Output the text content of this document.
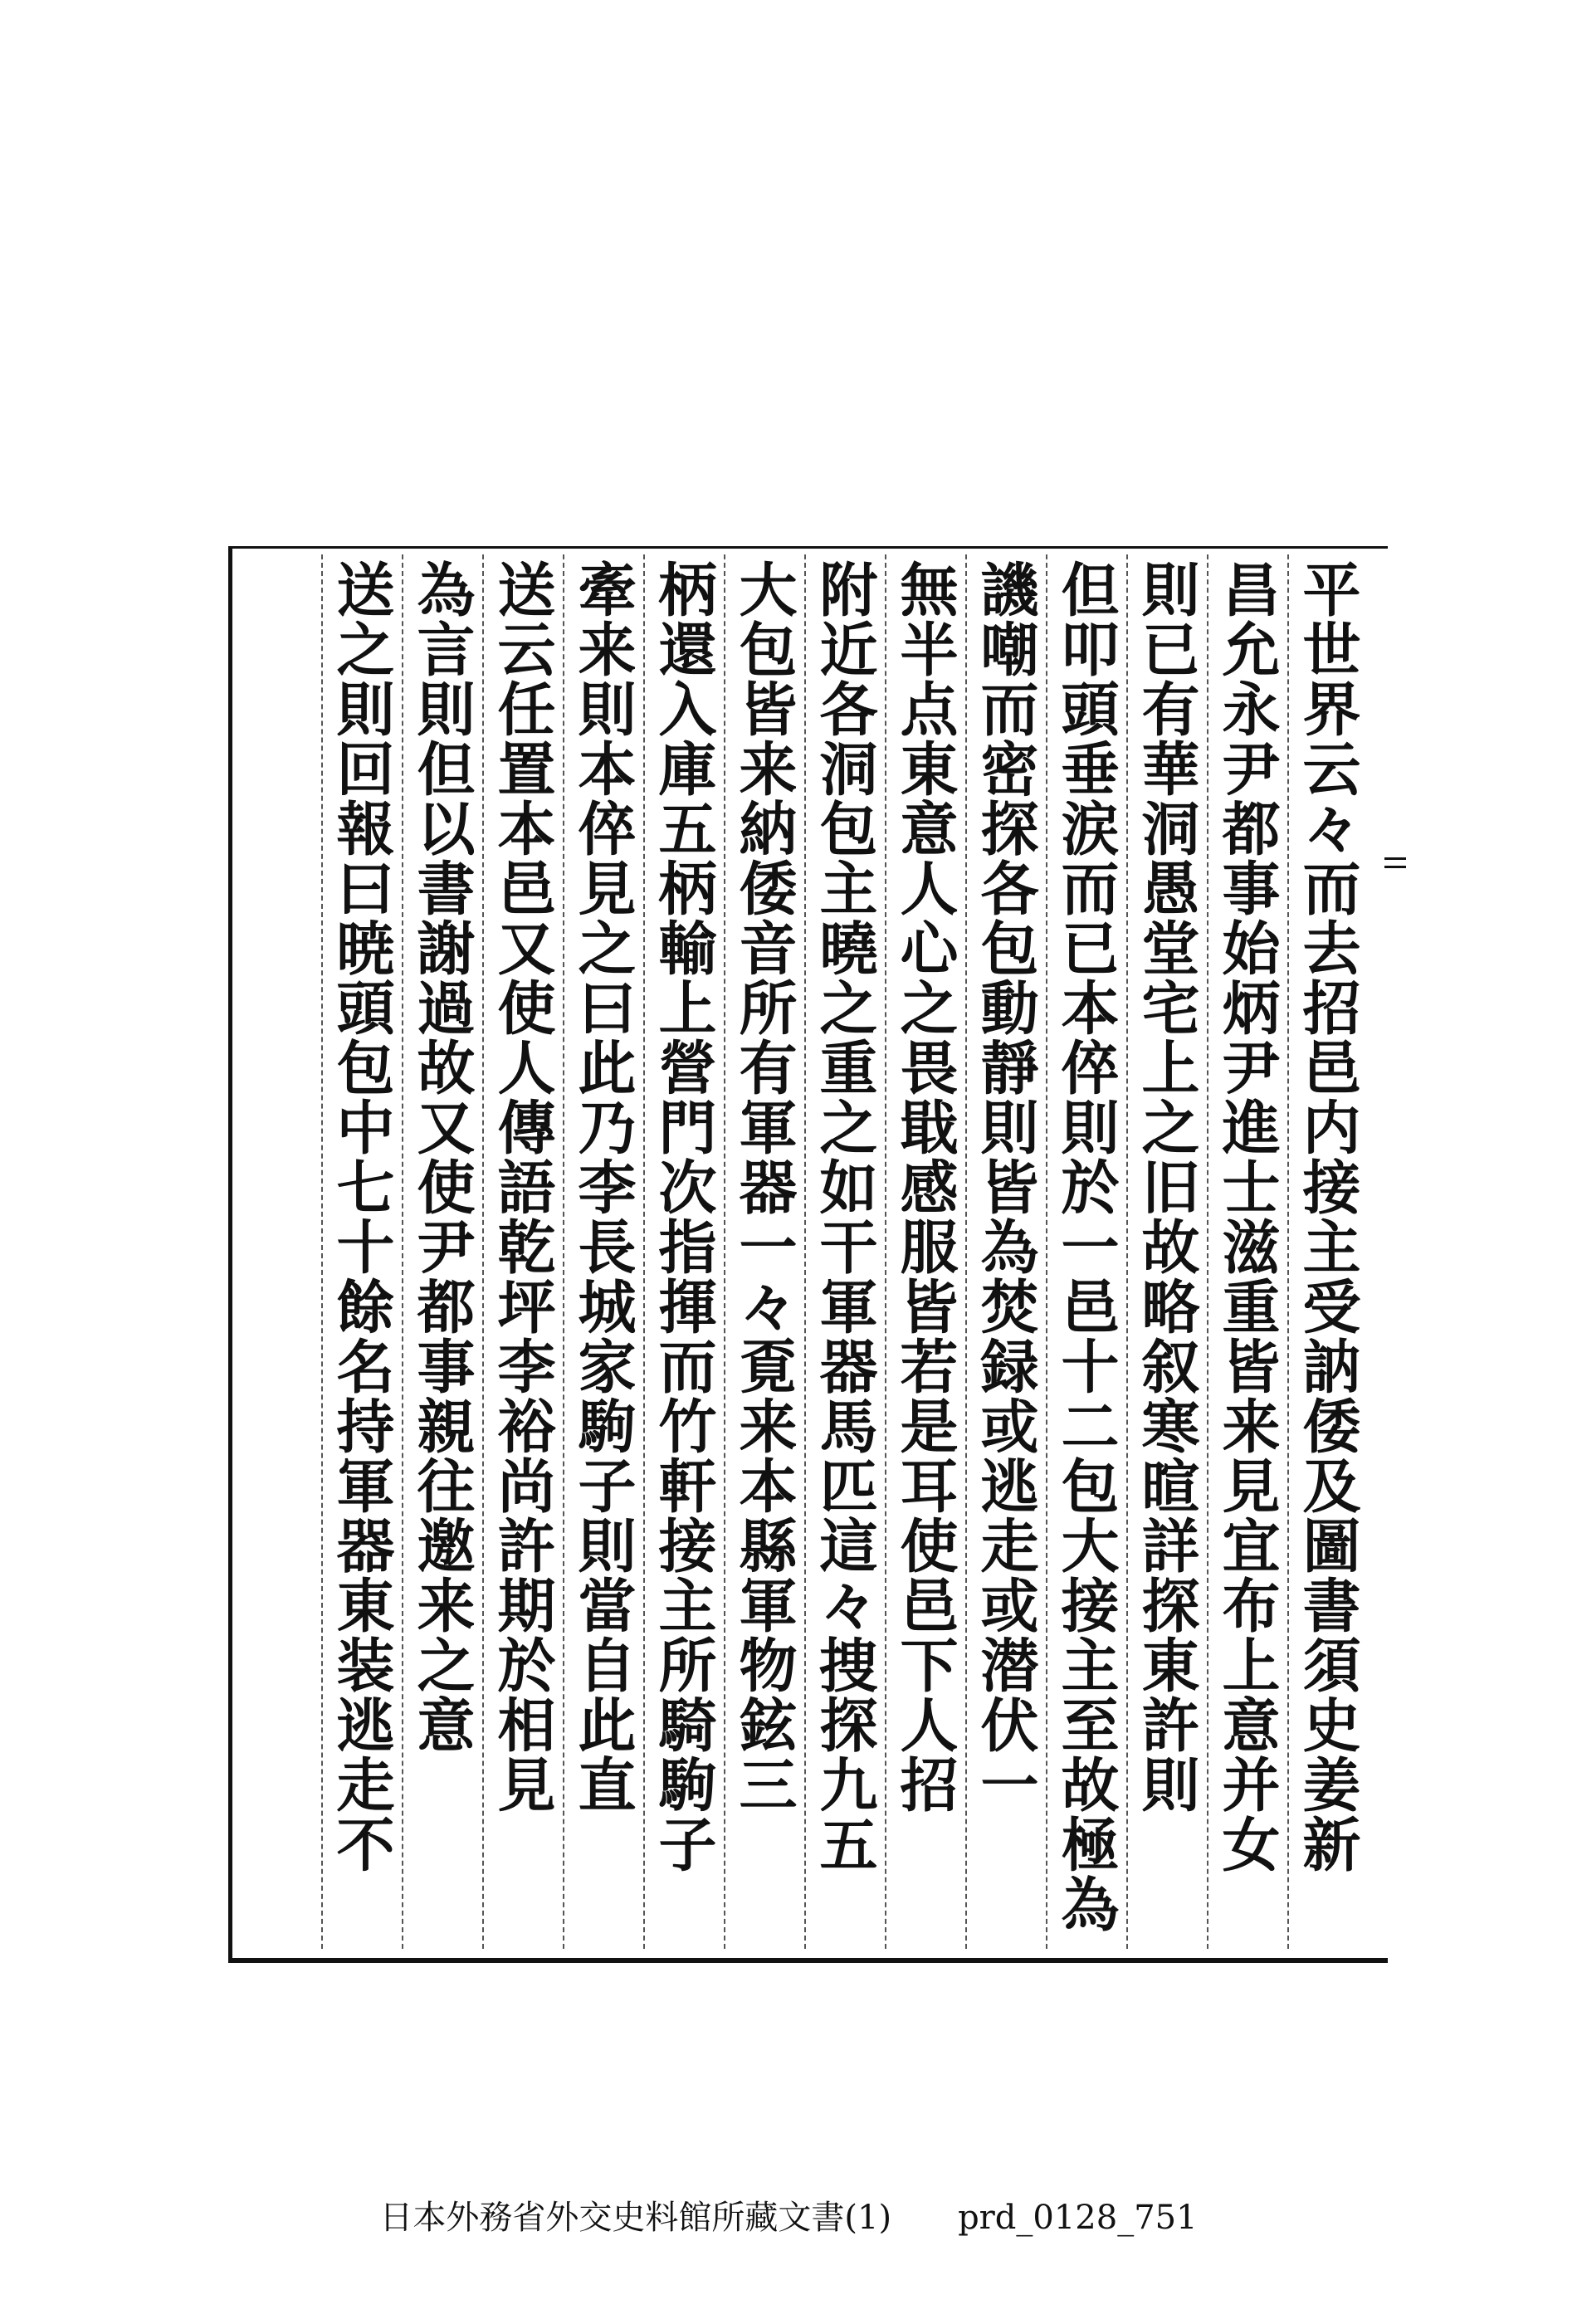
平世界云々而去招邑内接主受訥倭及圖書須史姜新
昌允永尹都事始炳尹進士滋重皆来見宜布上意并女
則已有華洞愚堂宅上之旧故略叙寒暄詳探東許則
但叩頭垂涙而已本倅則於一邑十二包大接主至故極為
譏嘲而密探各包動靜則皆為焚録或逃走或潜伏一
無半点東意人心之畏戢感服皆若是耳使邑下人招
附近各洞包主曉之重之如干軍器馬匹這々捜探九五
大包皆来納倭音所有軍器一々覔来本縣軍物鉉三
柄還入庫五柄輸上營門次指揮而竹軒接主所騎駒子
牽来則本倅見之曰此乃李長城家駒子則當自此直
送云任置本邑又使人傳語乾坪李裕尚許期於相見
為言則但以書謝過故又使尹都事親往邀来之意
送之則回報曰暁頭包中七十餘名持軍器東装逃走不
日本外務省外交史料館所藏文書(1)　　prd_0128_751
